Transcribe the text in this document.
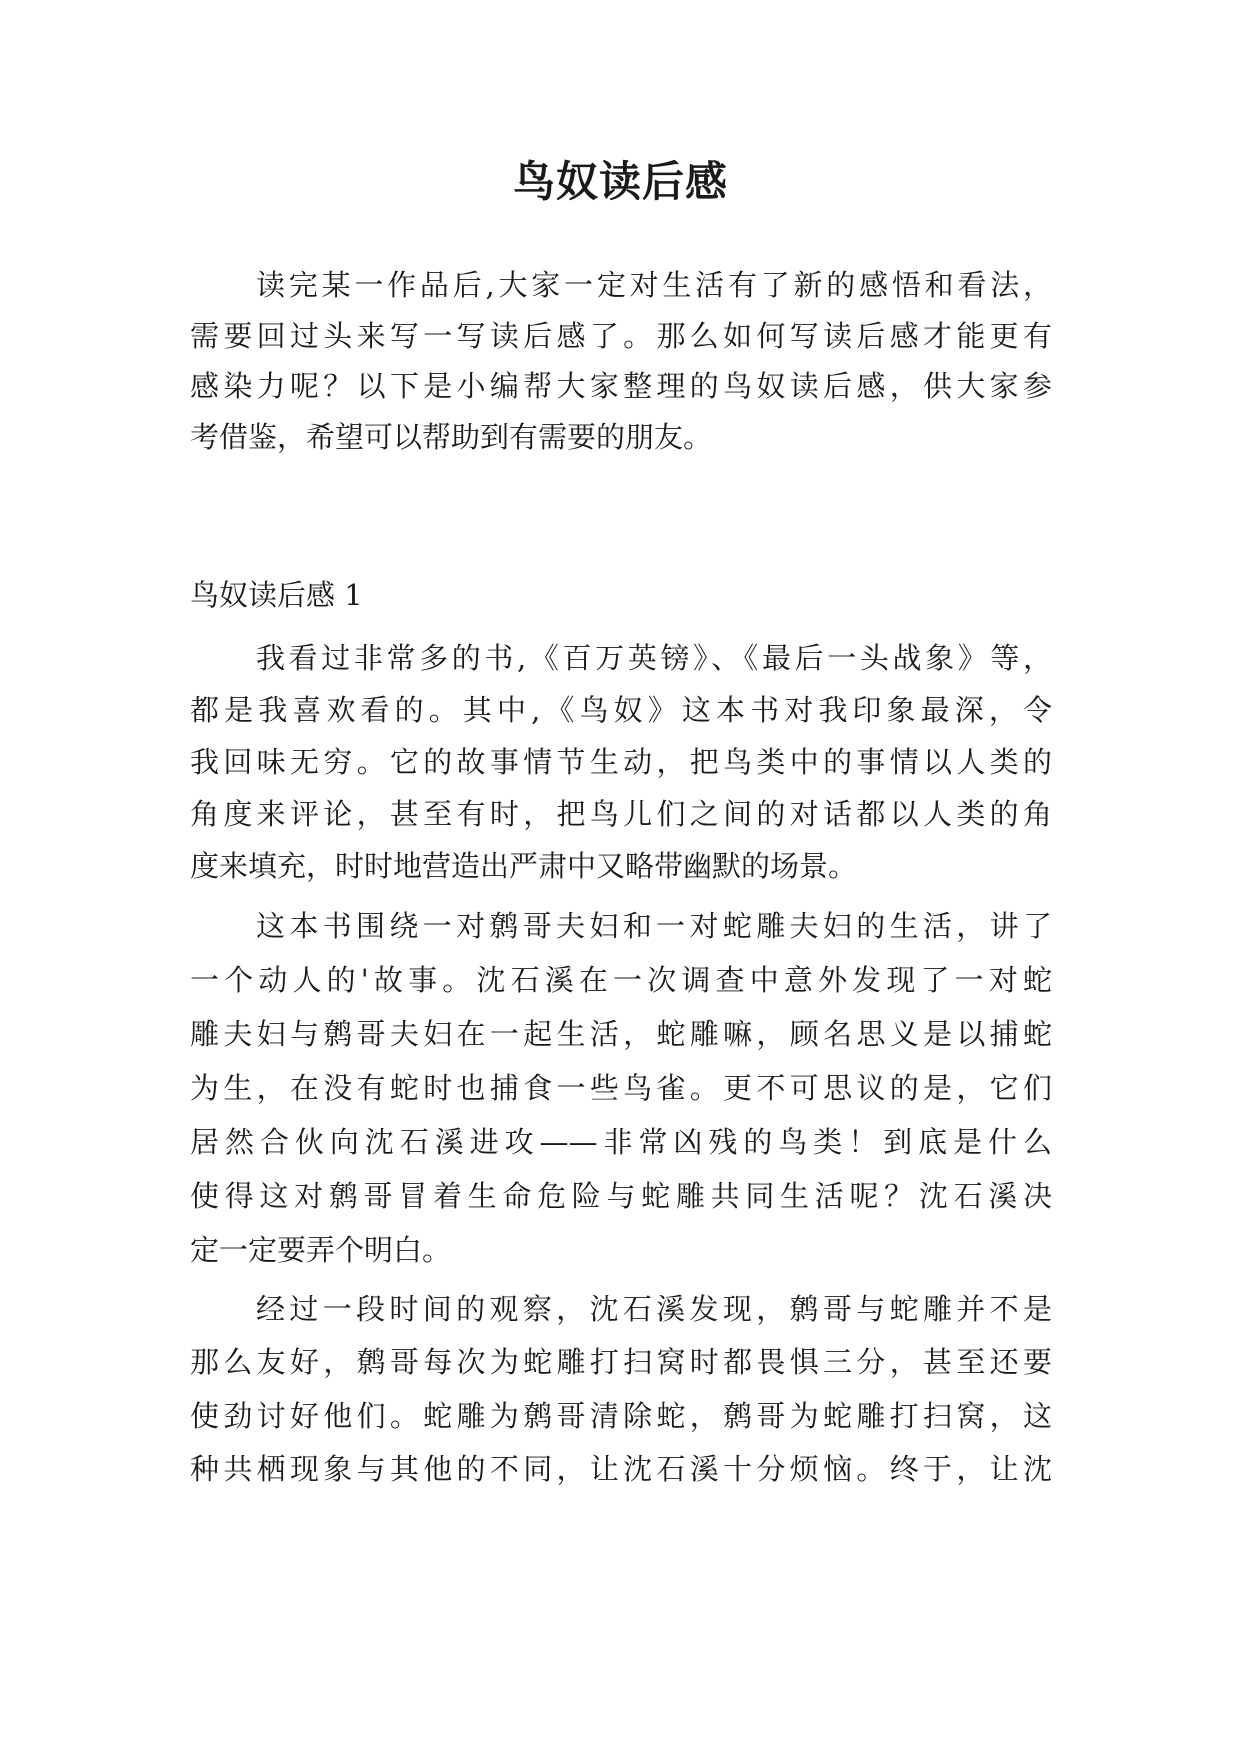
鸟奴读后感

读完某一作品后,大家一定对生活有了新的感悟和看法，

需要回过头来写一写读后感了。那么如何写读后感才能更有

感染力呢？以下是小编帮大家整理的鸟奴读后感，供大家参

考借鉴，希望可以帮助到有需要的朋友。

鸟奴读后感 1

我看过非常多的书,《百万英镑》、《最后一头战象》等，

都是我喜欢看的。其中,《鸟奴》这本书对我印象最深，令

我回味无穷。它的故事情节生动，把鸟类中的事情以人类的

角度来评论，甚至有时，把鸟儿们之间的对话都以人类的角

度来填充，时时地营造出严肃中又略带幽默的场景。

这本书围绕一对鹩哥夫妇和一对蛇雕夫妇的生活，讲了

一个动人的'故事。沈石溪在一次调查中意外发现了一对蛇

雕夫妇与鹩哥夫妇在一起生活，蛇雕嘛，顾名思义是以捕蛇

为生，在没有蛇时也捕食一些鸟雀。更不可思议的是，它们

居然合伙向沈石溪进攻——非常凶残的鸟类！到底是什么

使得这对鹩哥冒着生命危险与蛇雕共同生活呢？沈石溪决

定一定要弄个明白。

经过一段时间的观察，沈石溪发现，鹩哥与蛇雕并不是

那么友好，鹩哥每次为蛇雕打扫窝时都畏惧三分，甚至还要

使劲讨好他们。蛇雕为鹩哥清除蛇，鹩哥为蛇雕打扫窝，这

种共栖现象与其他的不同，让沈石溪十分烦恼。终于，让沈
